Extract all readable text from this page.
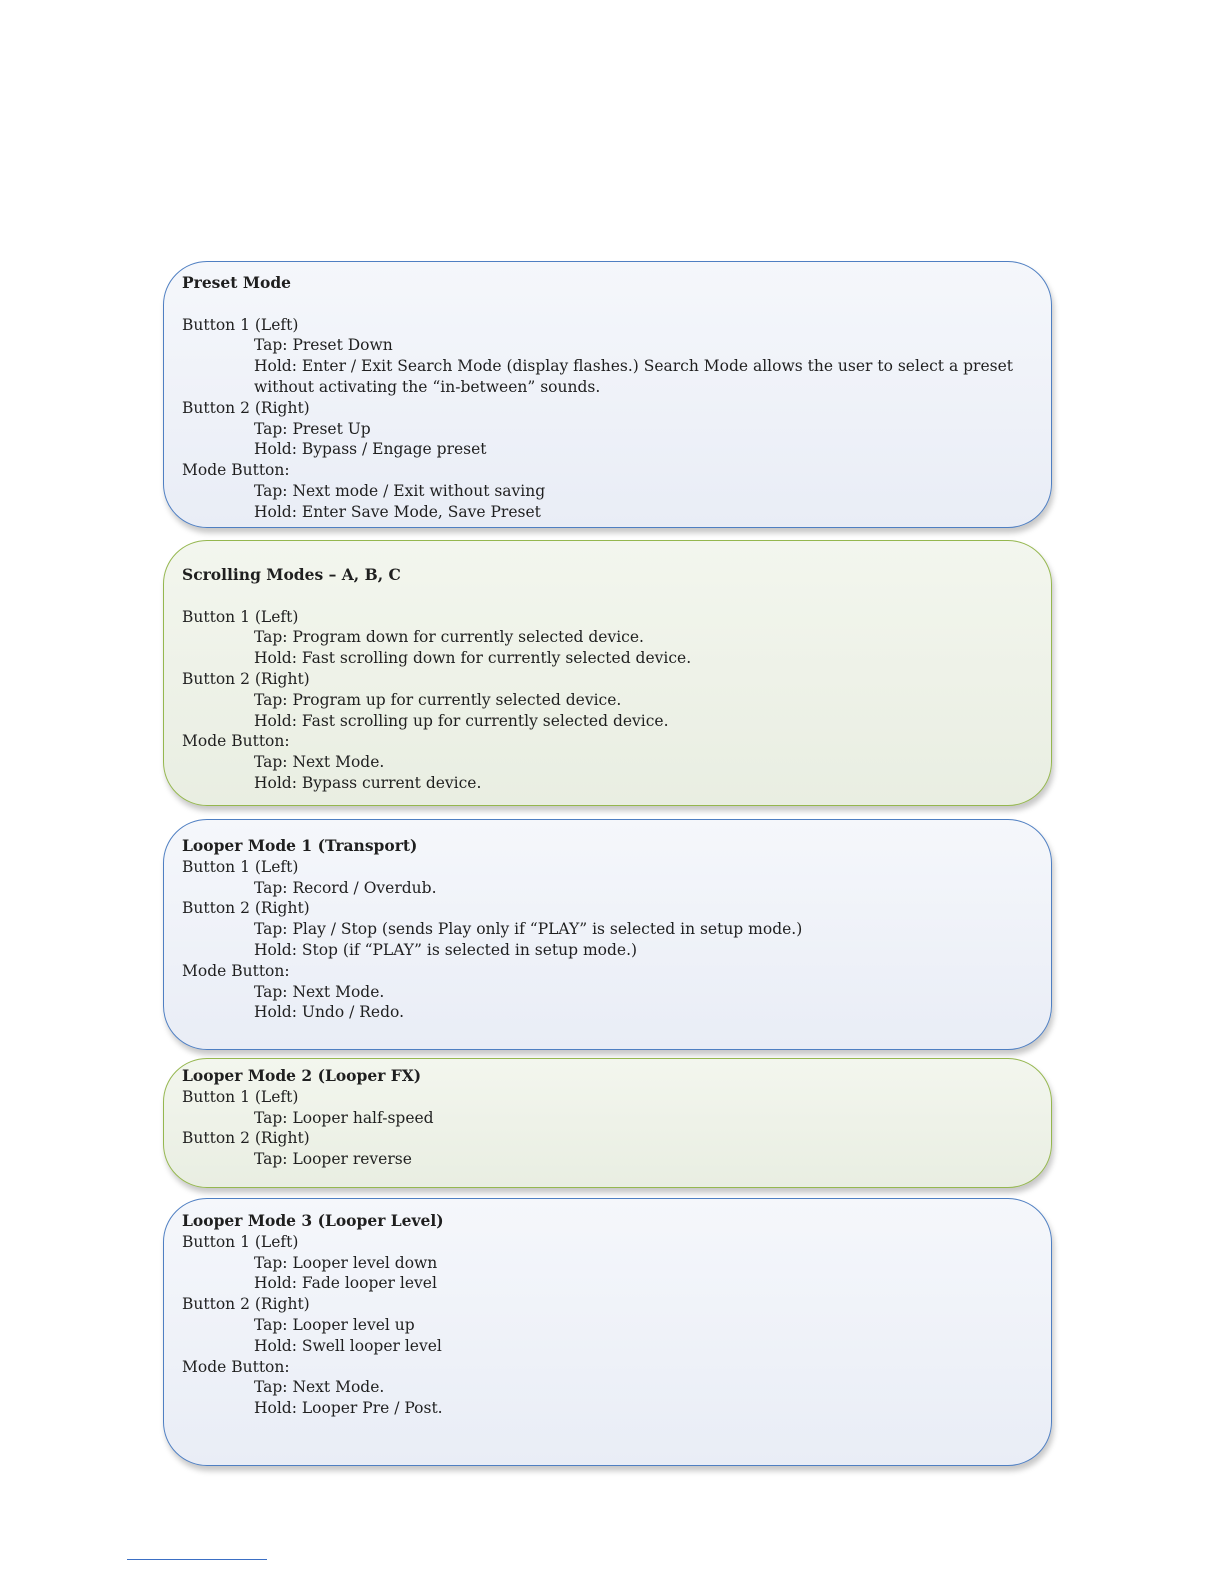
Preset Mode
Button 1 (Left)
Tap: Preset Down
Hold: Enter / Exit Search Mode (display flashes.) Search Mode allows the user to select a preset
without activating the “in-between” sounds.
Button 2 (Right)
Tap: Preset Up
Hold: Bypass / Engage preset
Mode Button:
Tap: Next mode / Exit without saving
Hold: Enter Save Mode, Save Preset
Scrolling Modes – A, B, C
Button 1 (Left)
Tap: Program down for currently selected device.
Hold: Fast scrolling down for currently selected device.
Button 2 (Right)
Tap: Program up for currently selected device.
Hold: Fast scrolling up for currently selected device.
Mode Button:
Tap: Next Mode.
Hold: Bypass current device.
Looper Mode 1 (Transport)
Button 1 (Left)
Tap: Record / Overdub.
Button 2 (Right)
Tap: Play / Stop (sends Play only if “PLAY” is selected in setup mode.)
Hold: Stop (if “PLAY” is selected in setup mode.)
Mode Button:
Tap: Next Mode.
Hold: Undo / Redo.
Looper Mode 2 (Looper FX)
Button 1 (Left)
Tap: Looper half-speed
Button 2 (Right)
Tap: Looper reverse
Looper Mode 3 (Looper Level)
Button 1 (Left)
Tap: Looper level down
Hold: Fade looper level
Button 2 (Right)
Tap: Looper level up
Hold: Swell looper level
Mode Button:
Tap: Next Mode.
Hold: Looper Pre / Post.
